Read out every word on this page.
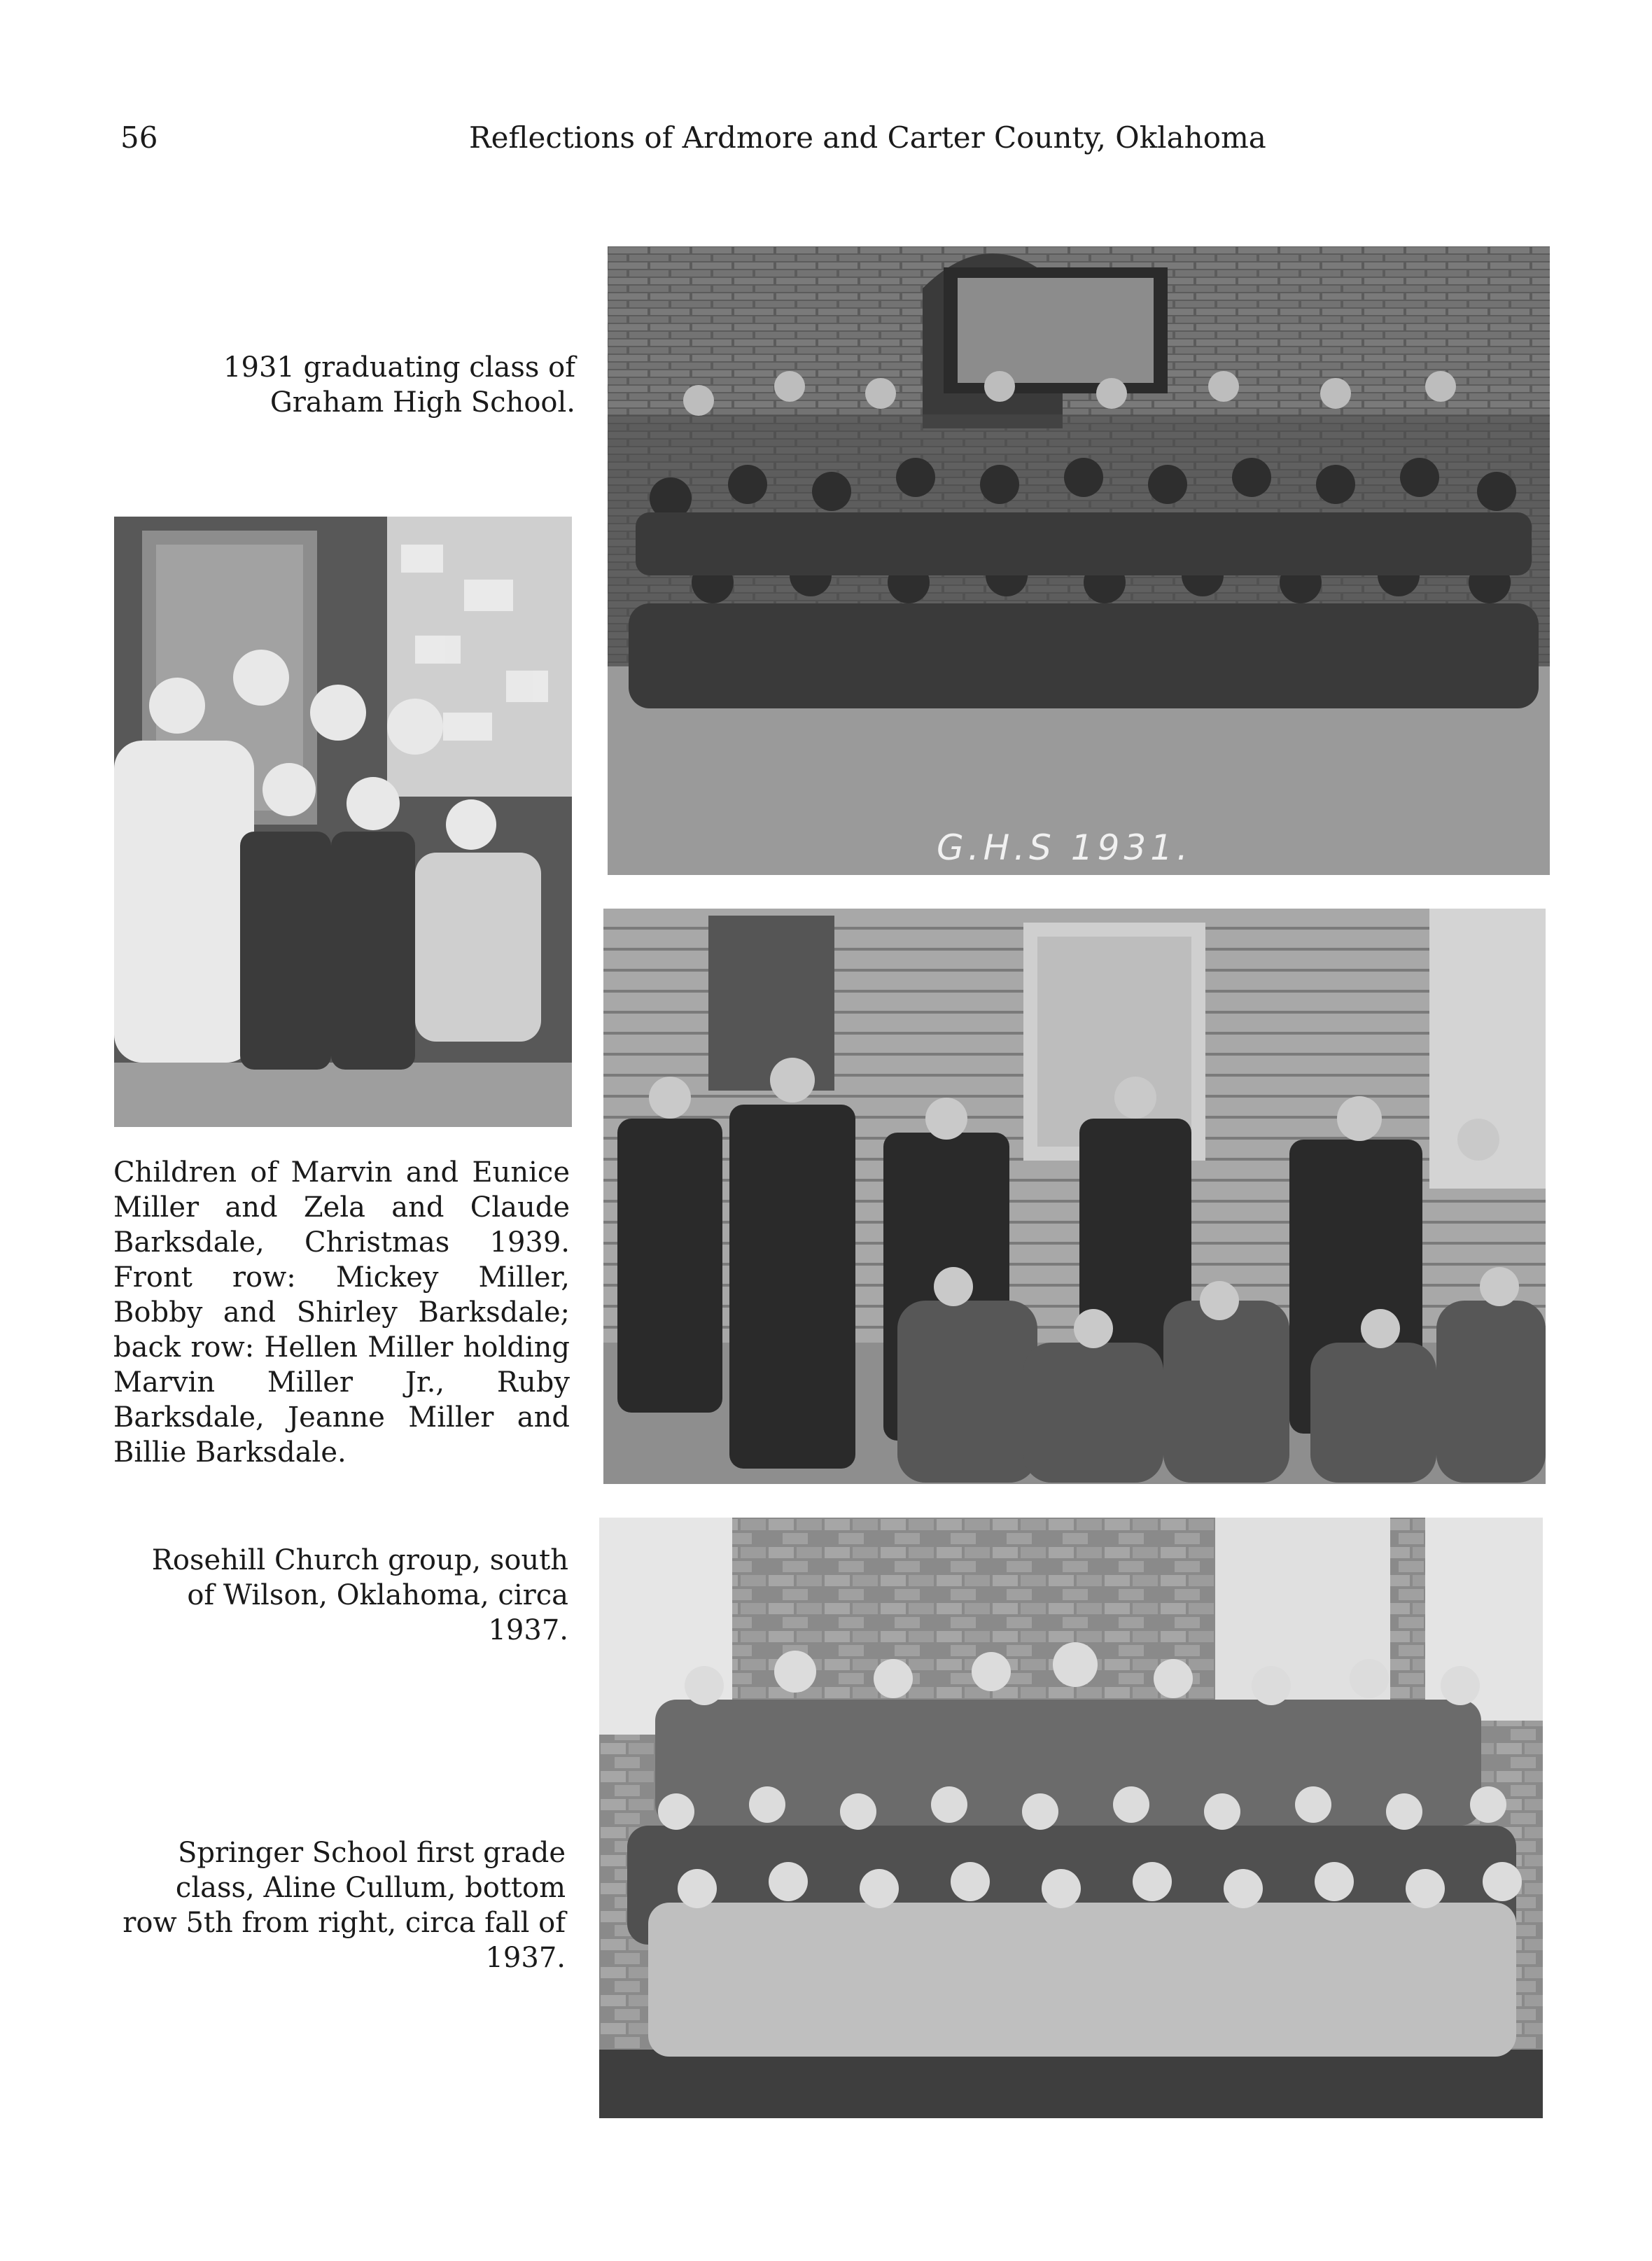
56	Reflections of Ardmore and Carter County, Oklahoma
1931 graduating class of Graham High School.
G.H.S 1931.
Children of Marvin and Eunice Miller and Zela and Claude Barksdale, Christmas 1939. Front row: Mickey Miller, Bobby and Shirley Barksdale; back row: Hellen Miller holding Marvin Miller Jr., Ruby Barksdale, Jeanne Miller and Billie Barksdale.
Rosehill Church group, south of Wilson, Oklahoma, circa 1937.
Springer School first grade class, Aline Cullum, bottom row 5th from right, circa fall of 1937.
